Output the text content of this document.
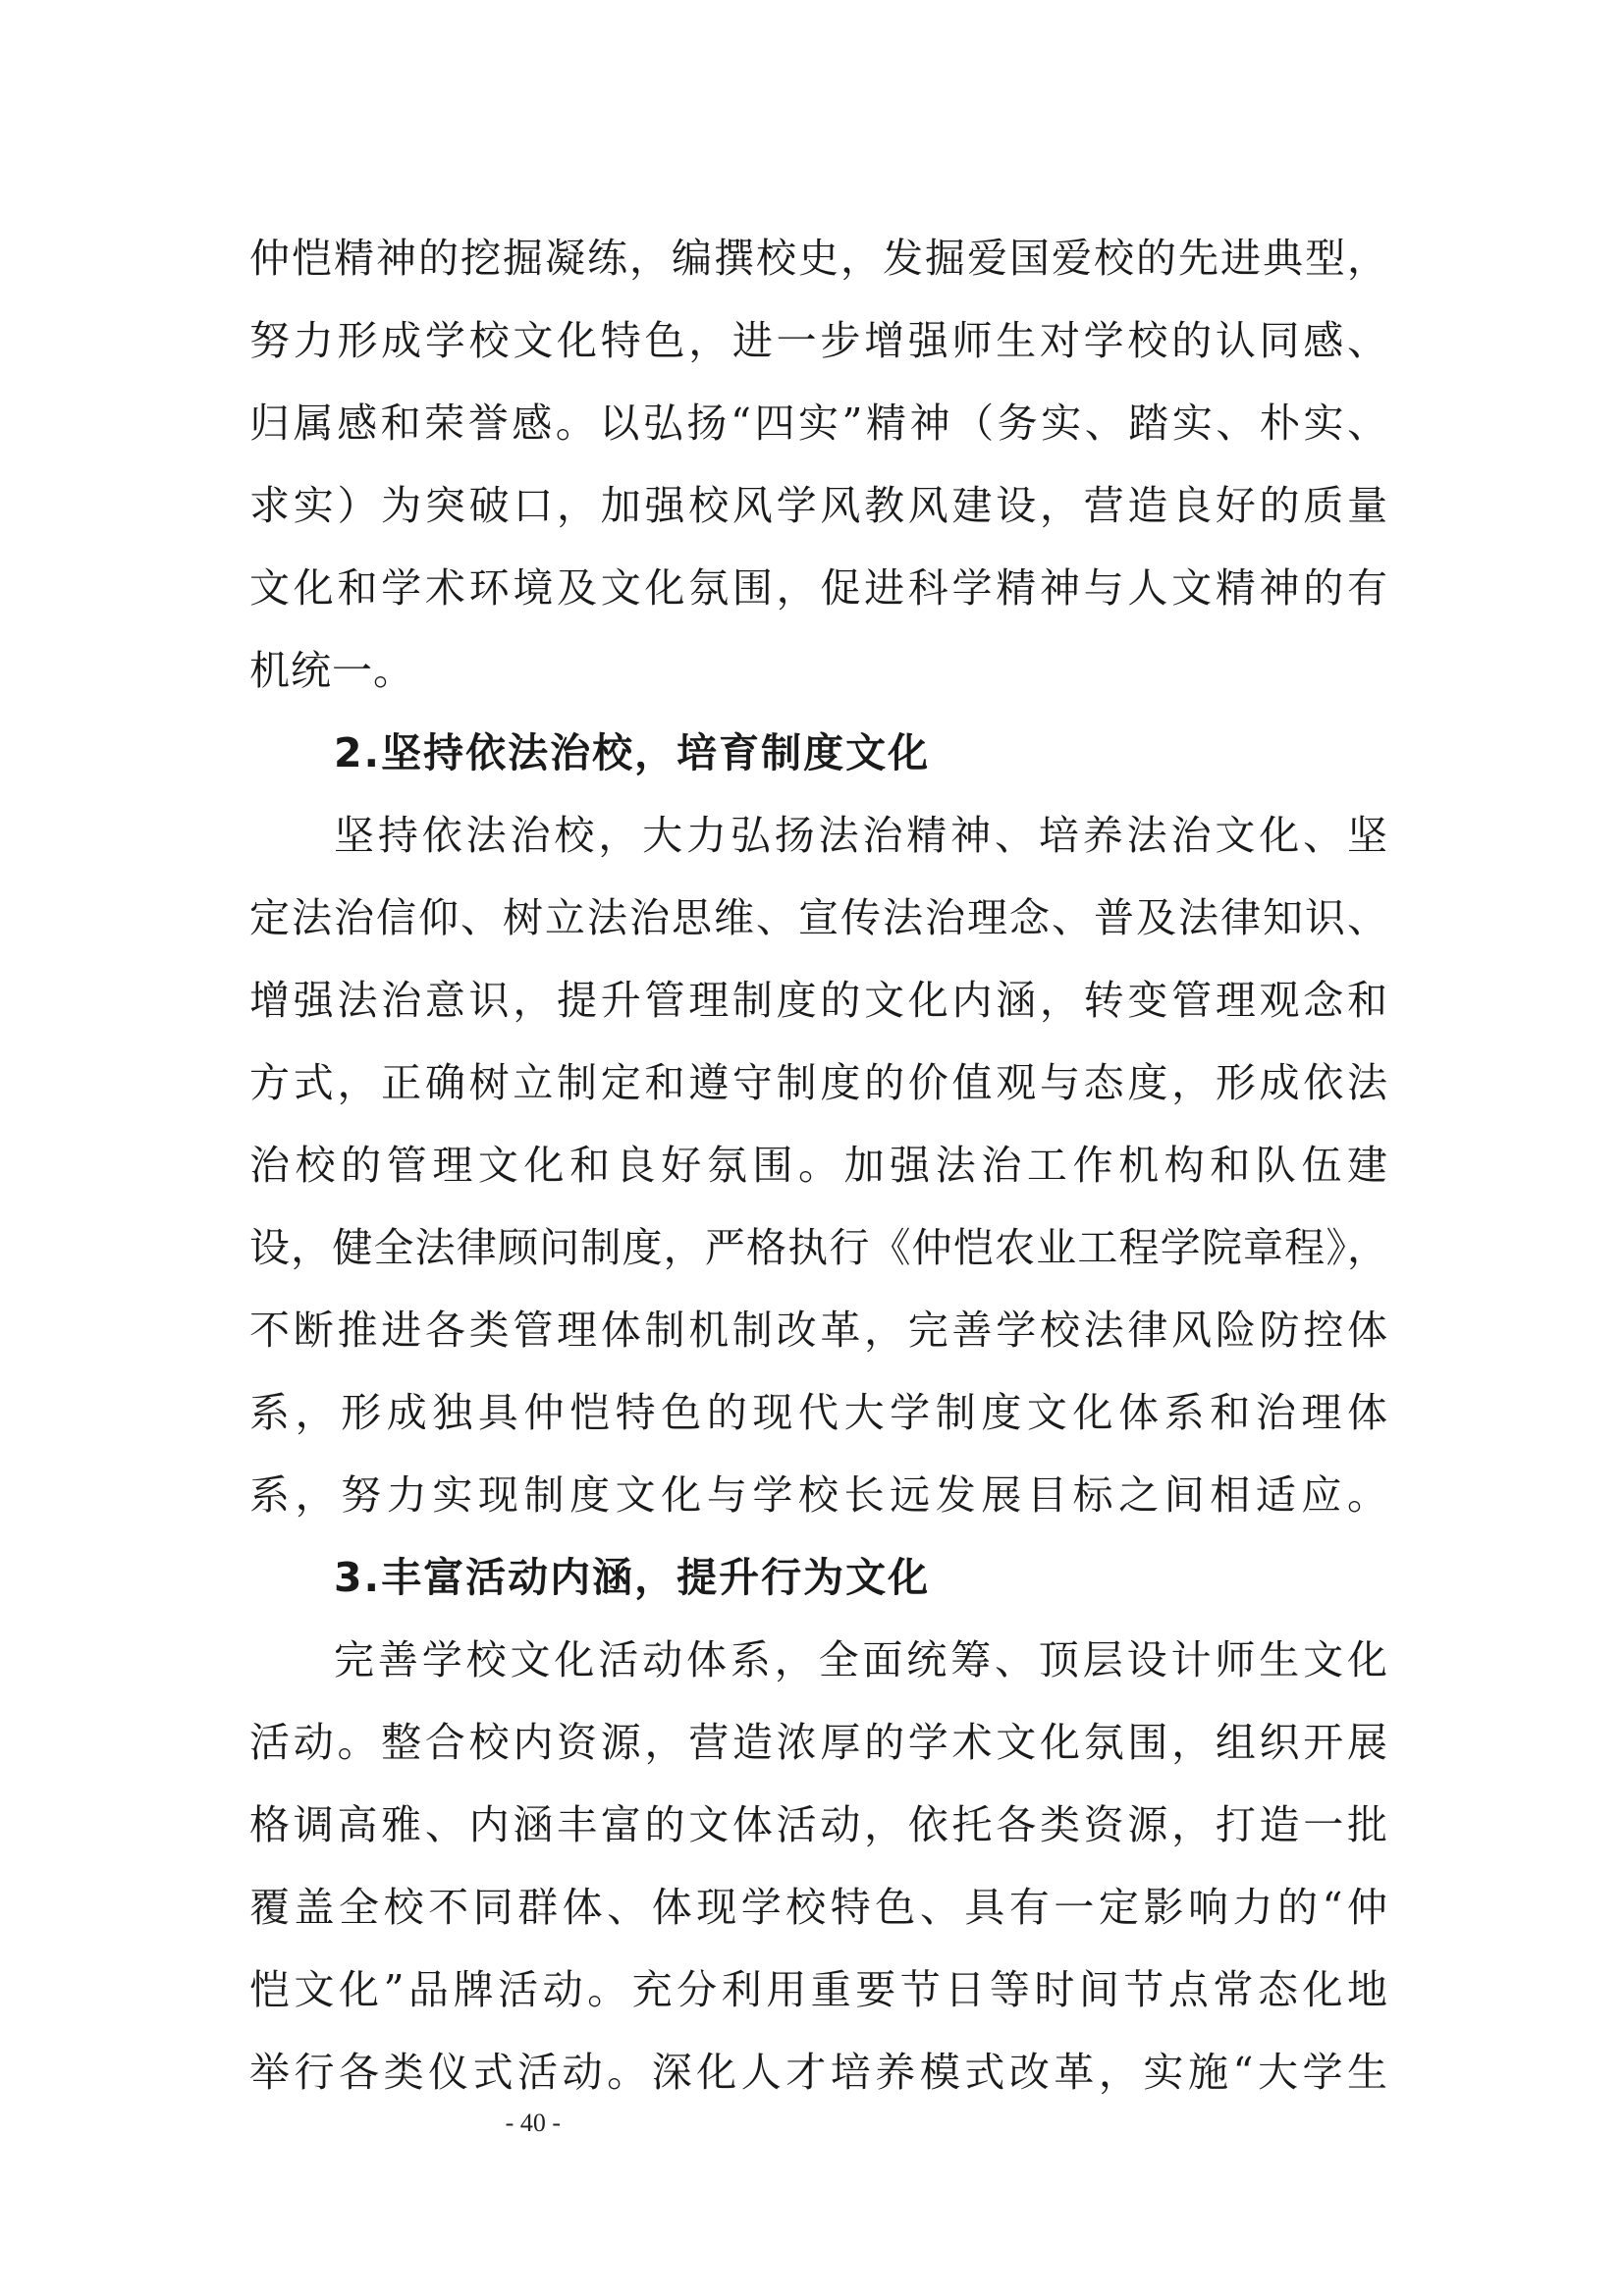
仲恺精神的挖掘凝练，编撰校史，发掘爱国爱校的先进典型，
努力形成学校文化特色，进一步增强师生对学校的认同感、
归属感和荣誉感。以弘扬“四实”精神（务实、踏实、朴实、
求实）为突破口，加强校风学风教风建设，营造良好的质量
文化和学术环境及文化氛围，促进科学精神与人文精神的有
机统一。
2.坚持依法治校，培育制度文化
坚持依法治校，大力弘扬法治精神、培养法治文化、坚
定法治信仰、树立法治思维、宣传法治理念、普及法律知识、
增强法治意识，提升管理制度的文化内涵，转变管理观念和
方式，正确树立制定和遵守制度的价值观与态度，形成依法
治校的管理文化和良好氛围。加强法治工作机构和队伍建
设，健全法律顾问制度，严格执行《仲恺农业工程学院章程》，
不断推进各类管理体制机制改革，完善学校法律风险防控体
系，形成独具仲恺特色的现代大学制度文化体系和治理体
系，努力实现制度文化与学校长远发展目标之间相适应。
3.丰富活动内涵，提升行为文化
完善学校文化活动体系，全面统筹、顶层设计师生文化
活动。整合校内资源，营造浓厚的学术文化氛围，组织开展
格调高雅、内涵丰富的文体活动，依托各类资源，打造一批
覆盖全校不同群体、体现学校特色、具有一定影响力的“仲
恺文化”品牌活动。充分利用重要节日等时间节点常态化地
举行各类仪式活动。深化人才培养模式改革，实施“大学生
- 40 -
